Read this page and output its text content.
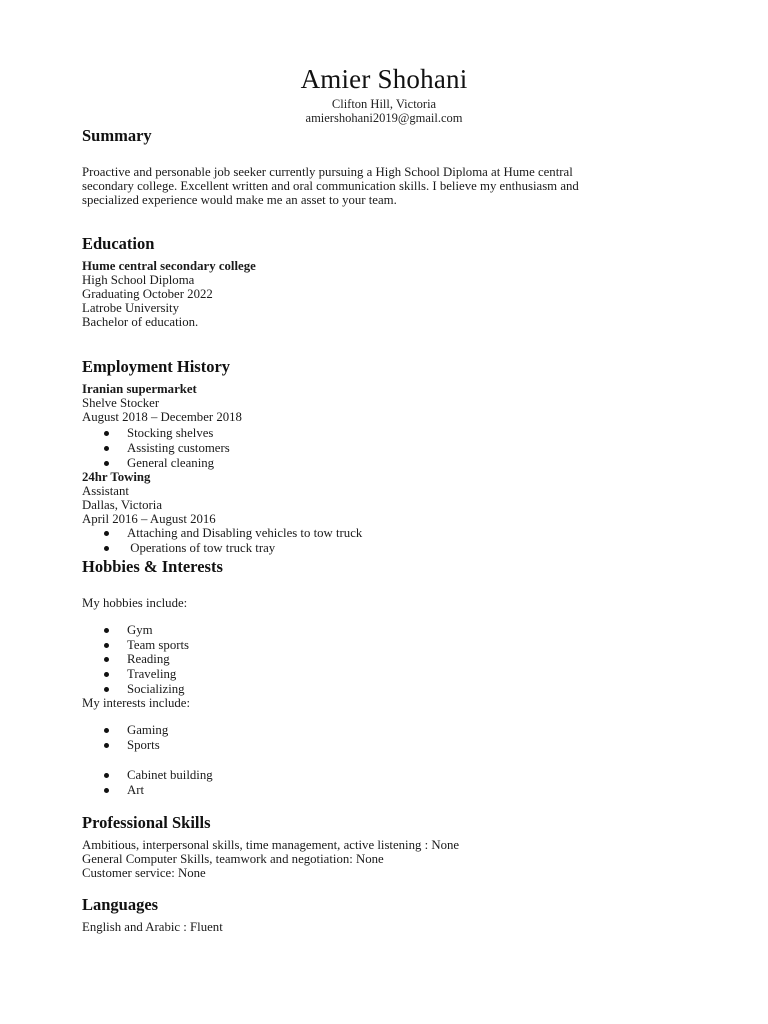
Amier Shohani
Clifton Hill, Victoria
amiershohani2019@gmail.com
Summary
Proactive and personable job seeker currently pursuing a High School Diploma at Hume central
secondary college. Excellent written and oral communication skills. I believe my enthusiasm and
specialized experience would make me an asset to your team.
Education
Hume central secondary college
High School Diploma
Graduating October 2022
Latrobe University
Bachelor of education.
Employment History
Iranian supermarket
Shelve Stocker
August 2018 – December 2018
Stocking shelves
Assisting customers
General cleaning
24hr Towing
Assistant
Dallas, Victoria
April 2016 – August 2016
Attaching and Disabling vehicles to tow truck
Operations of tow truck tray
Hobbies & Interests
My hobbies include:
Gym
Team sports
Reading
Traveling
Socializing
My interests include:
Gaming
Sports
Cabinet building
Art
Professional Skills
Ambitious, interpersonal skills, time management, active listening : None
General Computer Skills, teamwork and negotiation: None
Customer service: None
Languages
English and Arabic : Fluent
